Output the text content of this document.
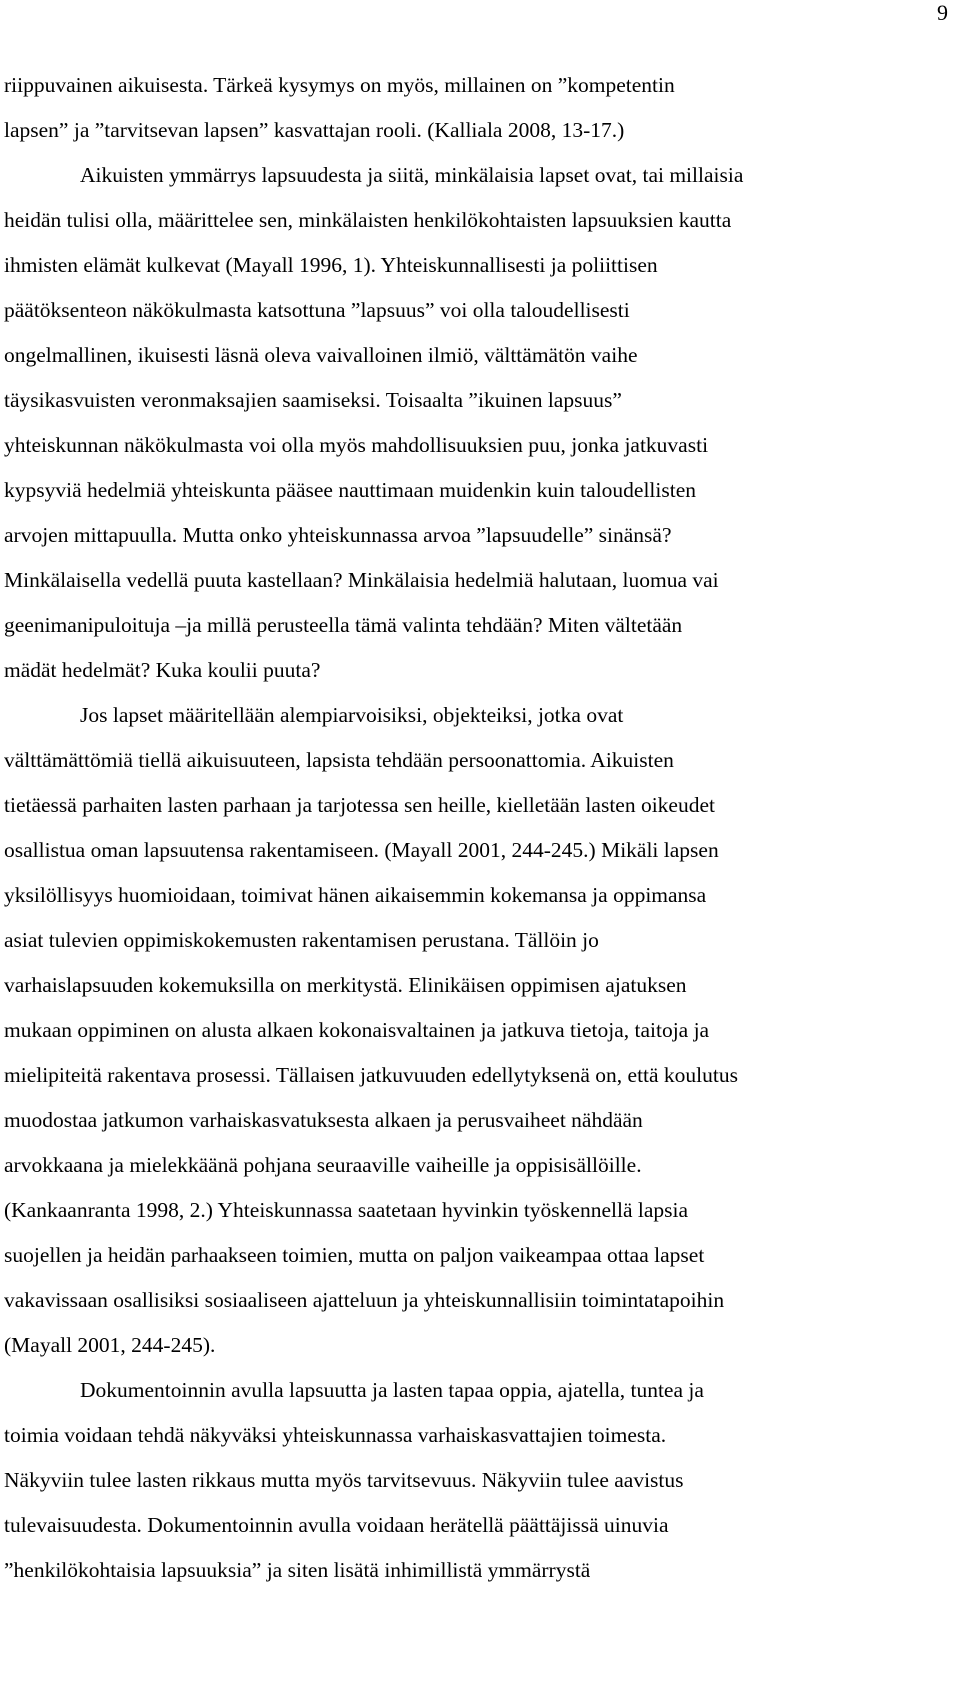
9
riippuvainen aikuisesta. Tärkeä kysymys on myös, millainen on ”kompetentin
lapsen” ja ”tarvitsevan lapsen” kasvattajan rooli. (Kalliala 2008, 13-17.)
Aikuisten ymmärrys lapsuudesta ja siitä, minkälaisia lapset ovat, tai millaisia
heidän tulisi olla, määrittelee sen, minkälaisten henkilökohtaisten lapsuuksien kautta
ihmisten elämät kulkevat (Mayall 1996, 1). Yhteiskunnallisesti ja poliittisen
päätöksenteon näkökulmasta katsottuna ”lapsuus” voi olla taloudellisesti
ongelmallinen, ikuisesti läsnä oleva vaivalloinen ilmiö, välttämätön vaihe
täysikasvuisten veronmaksajien saamiseksi. Toisaalta ”ikuinen lapsuus”
yhteiskunnan näkökulmasta voi olla myös mahdollisuuksien puu, jonka jatkuvasti
kypsyviä hedelmiä yhteiskunta pääsee nauttimaan muidenkin kuin taloudellisten
arvojen mittapuulla. Mutta onko yhteiskunnassa arvoa ”lapsuudelle” sinänsä?
Minkälaisella vedellä puuta kastellaan? Minkälaisia hedelmiä halutaan, luomua vai
geenimanipuloituja –ja millä perusteella tämä valinta tehdään? Miten vältetään
mädät hedelmät? Kuka koulii puuta?
Jos lapset määritellään alempiarvoisiksi, objekteiksi, jotka ovat
välttämättömiä tiellä aikuisuuteen, lapsista tehdään persoonattomia. Aikuisten
tietäessä parhaiten lasten parhaan ja tarjotessa sen heille, kielletään lasten oikeudet
osallistua oman lapsuutensa rakentamiseen. (Mayall 2001, 244-245.) Mikäli lapsen
yksilöllisyys huomioidaan, toimivat hänen aikaisemmin kokemansa ja oppimansa
asiat tulevien oppimiskokemusten rakentamisen perustana. Tällöin jo
varhaislapsuuden kokemuksilla on merkitystä. Elinikäisen oppimisen ajatuksen
mukaan oppiminen on alusta alkaen kokonaisvaltainen ja jatkuva tietoja, taitoja ja
mielipiteitä rakentava prosessi. Tällaisen jatkuvuuden edellytyksenä on, että koulutus
muodostaa jatkumon varhaiskasvatuksesta alkaen ja perusvaiheet nähdään
arvokkaana ja mielekkäänä pohjana seuraaville vaiheille ja oppisisällöille.
(Kankaanranta 1998, 2.) Yhteiskunnassa saatetaan hyvinkin työskennellä lapsia
suojellen ja heidän parhaakseen toimien, mutta on paljon vaikeampaa ottaa lapset
vakavissaan osallisiksi sosiaaliseen ajatteluun ja yhteiskunnallisiin toimintatapoihin
(Mayall 2001, 244-245).
Dokumentoinnin avulla lapsuutta ja lasten tapaa oppia, ajatella, tuntea ja
toimia voidaan tehdä näkyväksi yhteiskunnassa varhaiskasvattajien toimesta.
Näkyviin tulee lasten rikkaus mutta myös tarvitsevuus. Näkyviin tulee aavistus
tulevaisuudesta. Dokumentoinnin avulla voidaan herätellä päättäjissä uinuvia
”henkilökohtaisia lapsuuksia” ja siten lisätä inhimillistä ymmärrystä
